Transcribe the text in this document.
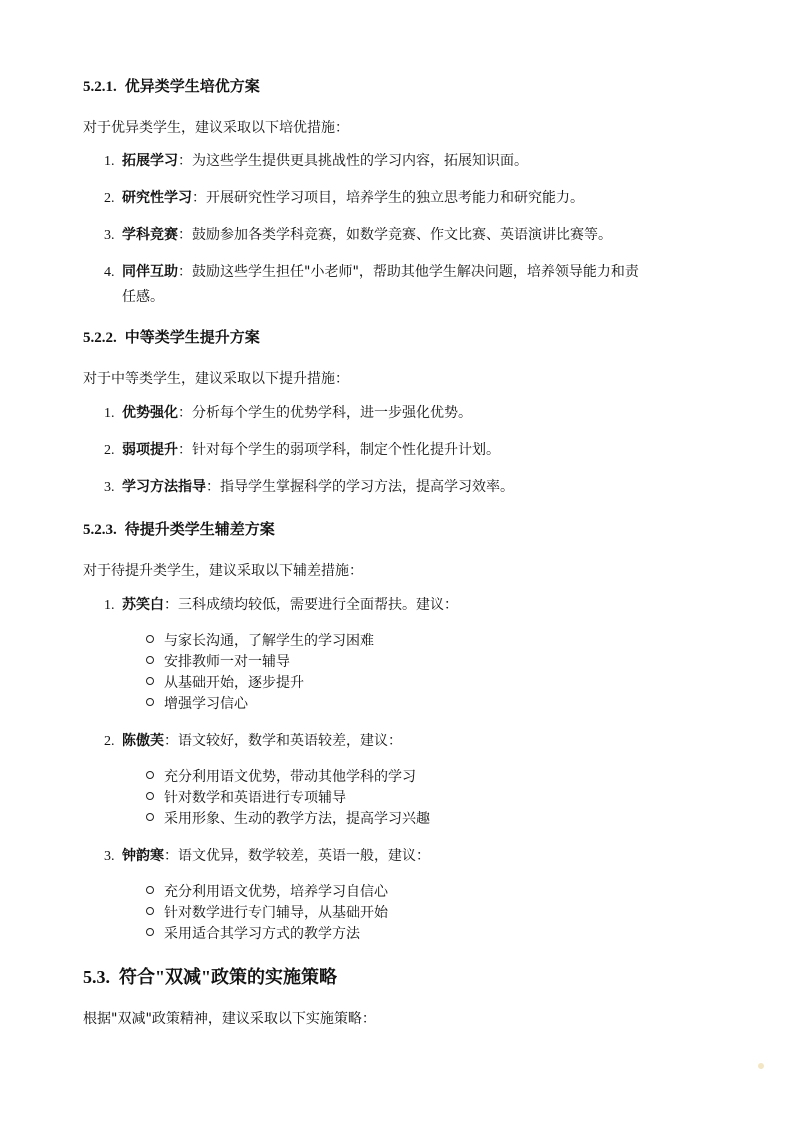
5.2.1. 优异类学生培优方案
对于优异类学生，建议采取以下培优措施：
1. 拓展学习：为这些学生提供更具挑战性的学习内容，拓展知识面。
2. 研究性学习：开展研究性学习项目，培养学生的独立思考能力和研究能力。
3. 学科竞赛：鼓励参加各类学科竞赛，如数学竞赛、作文比赛、英语演讲比赛等。
4. 同伴互助：鼓励这些学生担任"小老师"，帮助其他学生解决问题，培养领导能力和责
任感。
5.2.2. 中等类学生提升方案
对于中等类学生，建议采取以下提升措施：
1. 优势强化：分析每个学生的优势学科，进一步强化优势。
2. 弱项提升：针对每个学生的弱项学科，制定个性化提升计划。
3. 学习方法指导：指导学生掌握科学的学习方法，提高学习效率。
5.2.3. 待提升类学生辅差方案
对于待提升类学生，建议采取以下辅差措施：
1. 苏笑白：三科成绩均较低，需要进行全面帮扶。建议：
与家长沟通，了解学生的学习困难
安排教师一对一辅导
从基础开始，逐步提升
增强学习信心
2. 陈傲芙：语文较好，数学和英语较差，建议：
充分利用语文优势，带动其他学科的学习
针对数学和英语进行专项辅导
采用形象、生动的教学方法，提高学习兴趣
3. 钟韵寒：语文优异，数学较差，英语一般，建议：
充分利用语文优势，培养学习自信心
针对数学进行专门辅导，从基础开始
采用适合其学习方式的教学方法
5.3. 符合"双减"政策的实施策略
根据"双减"政策精神，建议采取以下实施策略：
